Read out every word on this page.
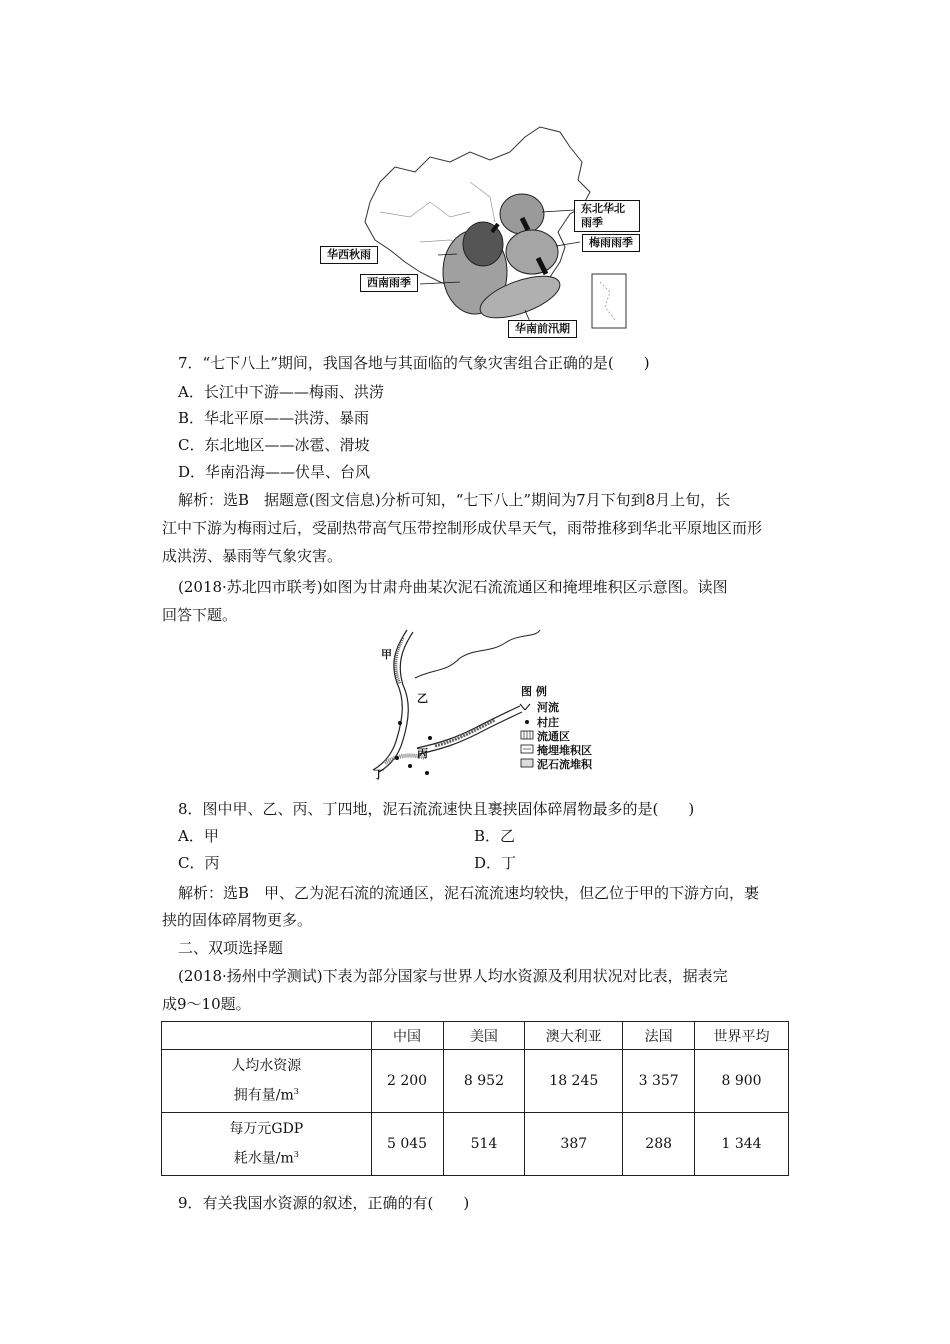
东北华北雨季
梅雨雨季
华西秋雨
西南雨季
华南前汛期
7．“七下八上”期间，我国各地与其面临的气象灾害组合正确的是(　　)
A．长江中下游——梅雨、洪涝
B．华北平原——洪涝、暴雨
C．东北地区——冰雹、滑坡
D．华南沿海——伏旱、台风
解析：选B　据题意(图文信息)分析可知，“七下八上”期间为7月下旬到8月上旬，长
江中下游为梅雨过后，受副热带高气压带控制形成伏旱天气，雨带推移到华北平原地区而形
成洪涝、暴雨等气象灾害。
(2018·苏北四市联考)如图为甘肃舟曲某次泥石流流通区和掩埋堆积区示意图。读图
回答下题。
甲
乙
丙
丁
图 例
河流
村庄
流通区
掩埋堆积区
泥石流堆积
8．图中甲、乙、丙、丁四地，泥石流流速快且裹挟固体碎屑物最多的是(　　)
A．甲	B．乙
C．丙	D．丁
解析：选B　甲、乙为泥石流的流通区，泥石流流速均较快，但乙位于甲的下游方向，裹
挟的固体碎屑物更多。
二、双项选择题
(2018·扬州中学测试)下表为部分国家与世界人均水资源及利用状况对比表，据表完
成9～10题。
	中国	美国	澳大利亚	法国	世界平均

人均水资源
拥有量$/m^3$	2 200	8 952	18 245	3 357	8 900

每万元GDP
耗水量$/m^3$	5 045	514	387	288	1 344
9．有关我国水资源的叙述，正确的有(　　)
